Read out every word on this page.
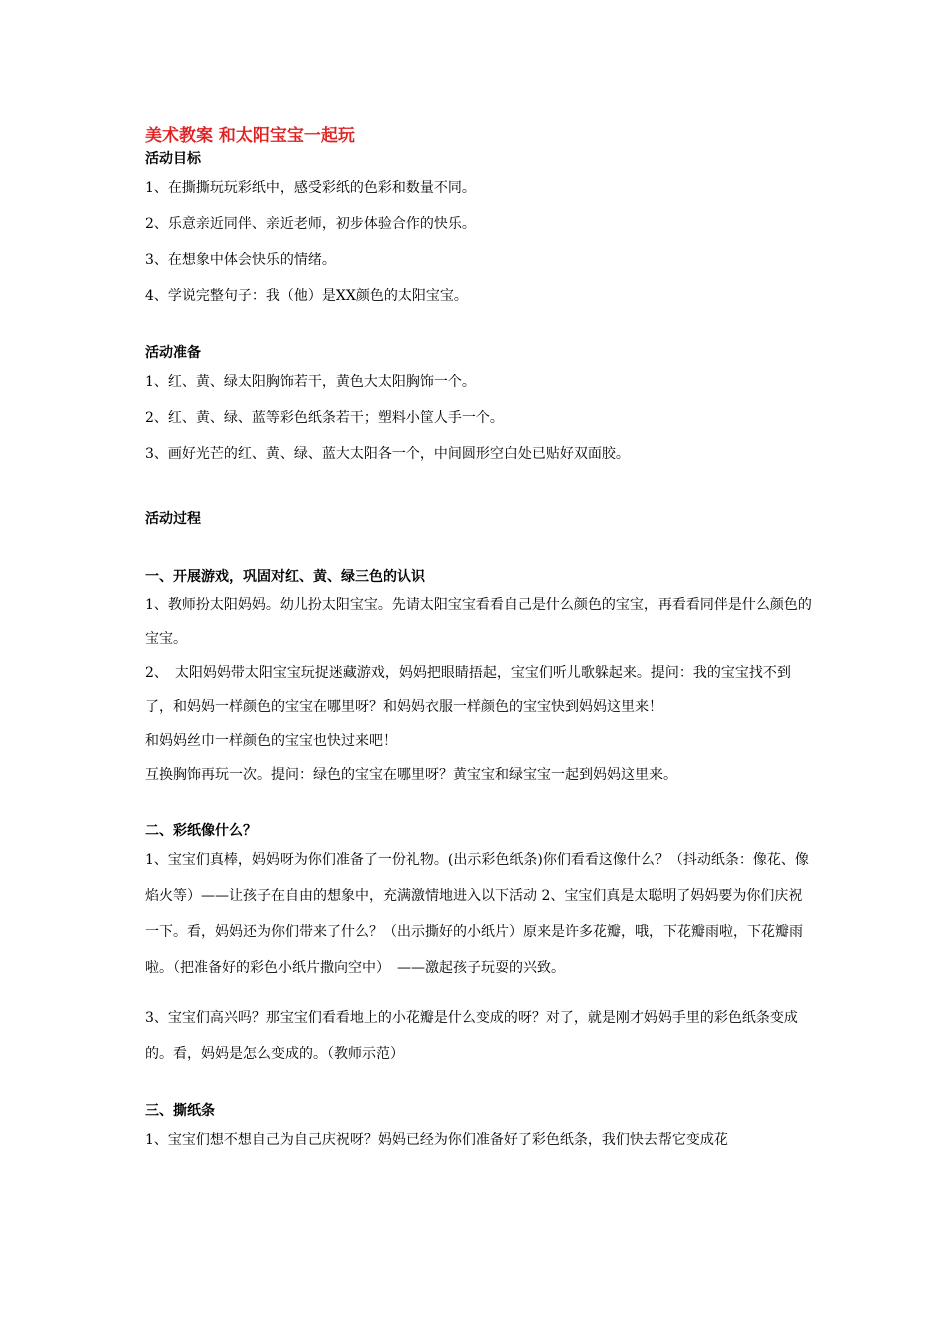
美术教案 和太阳宝宝一起玩
活动目标

1、在撕撕玩玩彩纸中，感受彩纸的色彩和数量不同。

2、乐意亲近同伴、亲近老师，初步体验合作的快乐。

3、在想象中体会快乐的情绪。

4、学说完整句子：我（他）是XX颜色的太阳宝宝。

活动准备

1、红、黄、绿太阳胸饰若干，黄色大太阳胸饰一个。

2、红、黄、绿、蓝等彩色纸条若干；塑料小筐人手一个。

3、画好光芒的红、黄、绿、蓝大太阳各一个，中间圆形空白处已贴好双面胶。

活动过程
一、开展游戏，巩固对红、黄、绿三色的认识

1、教师扮太阳妈妈。幼儿扮太阳宝宝。先请太阳宝宝看看自己是什么颜色的宝宝，再看看同伴是什么颜色的宝宝。

2、　太阳妈妈带太阳宝宝玩捉迷藏游戏，妈妈把眼睛捂起，宝宝们听儿歌躲起来。提问：我的宝宝找不到了，和妈妈一样颜色的宝宝在哪里呀？和妈妈衣服一样颜色的宝宝快到妈妈这里来！

和妈妈丝巾一样颜色的宝宝也快过来吧！

互换胸饰再玩一次。提问：绿色的宝宝在哪里呀？黄宝宝和绿宝宝一起到妈妈这里来。

二、彩纸像什么？

1、宝宝们真棒，妈妈呀为你们准备了一份礼物。(出示彩色纸条)你们看看这像什么？（抖动纸条：像花、像焰火等）——让孩子在自由的想象中，充满激情地进入以下活动 2、宝宝们真是太聪明了妈妈要为你们庆祝一下。看，妈妈还为你们带来了什么？（出示撕好的小纸片）原来是许多花瓣，哦，下花瓣雨啦，下花瓣雨啦。（把准备好的彩色小纸片撒向空中）　——激起孩子玩耍的兴致。

3、宝宝们高兴吗？那宝宝们看看地上的小花瓣是什么变成的呀？对了，就是刚才妈妈手里的彩色纸条变成的。看，妈妈是怎么变成的。（教师示范）

三、撕纸条

1、宝宝们想不想自己为自己庆祝呀？妈妈已经为你们准备好了彩色纸条，我们快去帮它变成花
